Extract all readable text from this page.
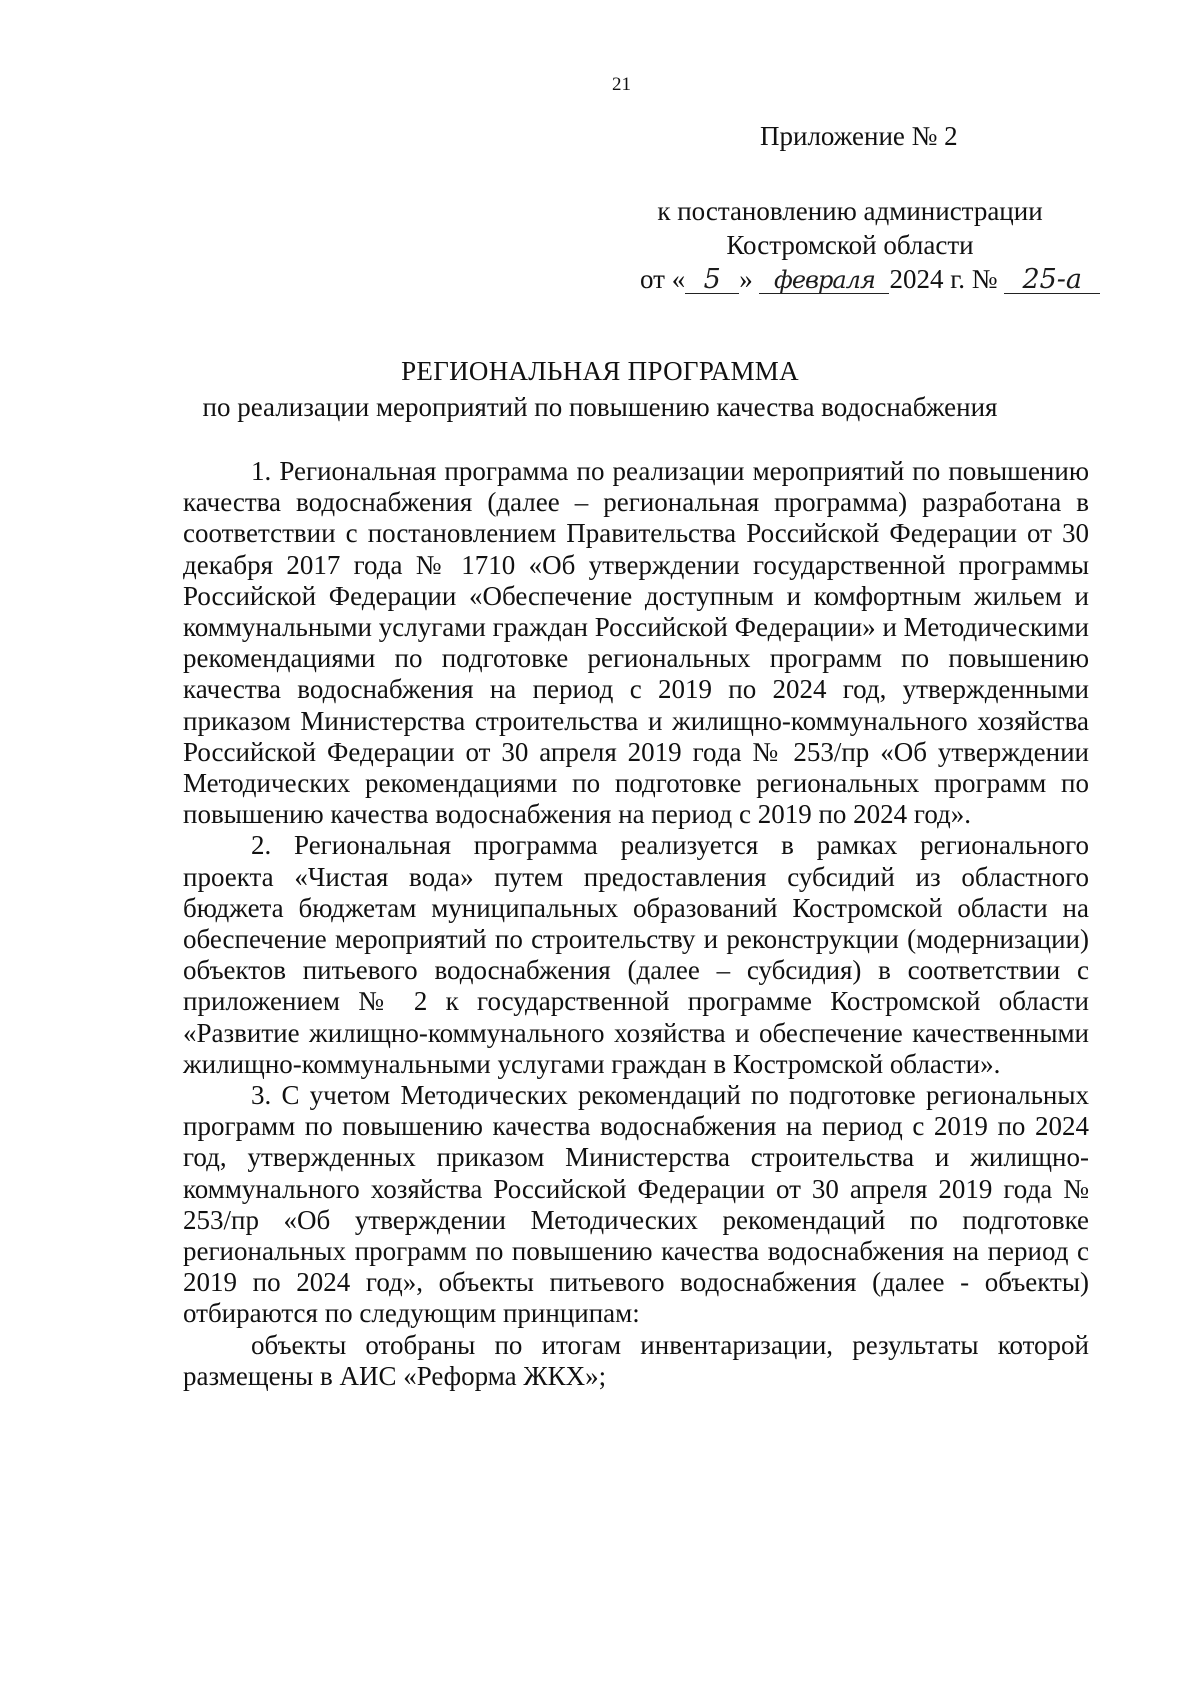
21
Приложение № 2
к постановлению администрации
Костромской области
от « 5 » февраля 2024 г. № 25-а
РЕГИОНАЛЬНАЯ ПРОГРАММА
по реализации мероприятий по повышению качества водоснабжения

1. Региональная программа по реализации мероприятий по повышению качества водоснабжения (далее – региональная программа) разработана в соответствии с постановлением Правительства Российской Федерации от 30 декабря 2017 года № 1710 «Об утверждении государственной программы Российской Федерации «Обеспечение доступным и комфортным жильем и коммунальными услугами граждан Российской Федерации» и Методическими рекомендациями по подготовке региональных программ по повышению качества водоснабжения на период с 2019 по 2024 год, утвержденными приказом Министерства строительства и жилищно-коммунального хозяйства Российской Федерации от 30 апреля 2019 года № 253/пр «Об утверждении Методических рекомендациями по подготовке региональных программ по повышению качества водоснабжения на период с 2019 по 2024 год».

2. Региональная программа реализуется в рамках регионального проекта «Чистая вода» путем предоставления субсидий из областного бюджета бюджетам муниципальных образований Костромской области на обеспечение мероприятий по строительству и реконструкции (модернизации) объектов питьевого водоснабжения (далее – субсидия) в соответствии с приложением № 2 к государственной программе Костромской области «Развитие жилищно-коммунального хозяйства и обеспечение качественными жилищно-коммунальными услугами граждан в Костромской области».

3. С учетом Методических рекомендаций по подготовке региональных программ по повышению качества водоснабжения на период с 2019 по 2024 год, утвержденных приказом Министерства строительства и жилищно-коммунального хозяйства Российской Федерации от 30 апреля 2019 года № 253/пр «Об утверждении Методических рекомендаций по подготовке региональных программ по повышению качества водоснабжения на период с 2019 по 2024 год», объекты питьевого водоснабжения (далее - объекты) отбираются по следующим принципам:

объекты отобраны по итогам инвентаризации, результаты которой размещены в АИС «Реформа ЖКХ»;
